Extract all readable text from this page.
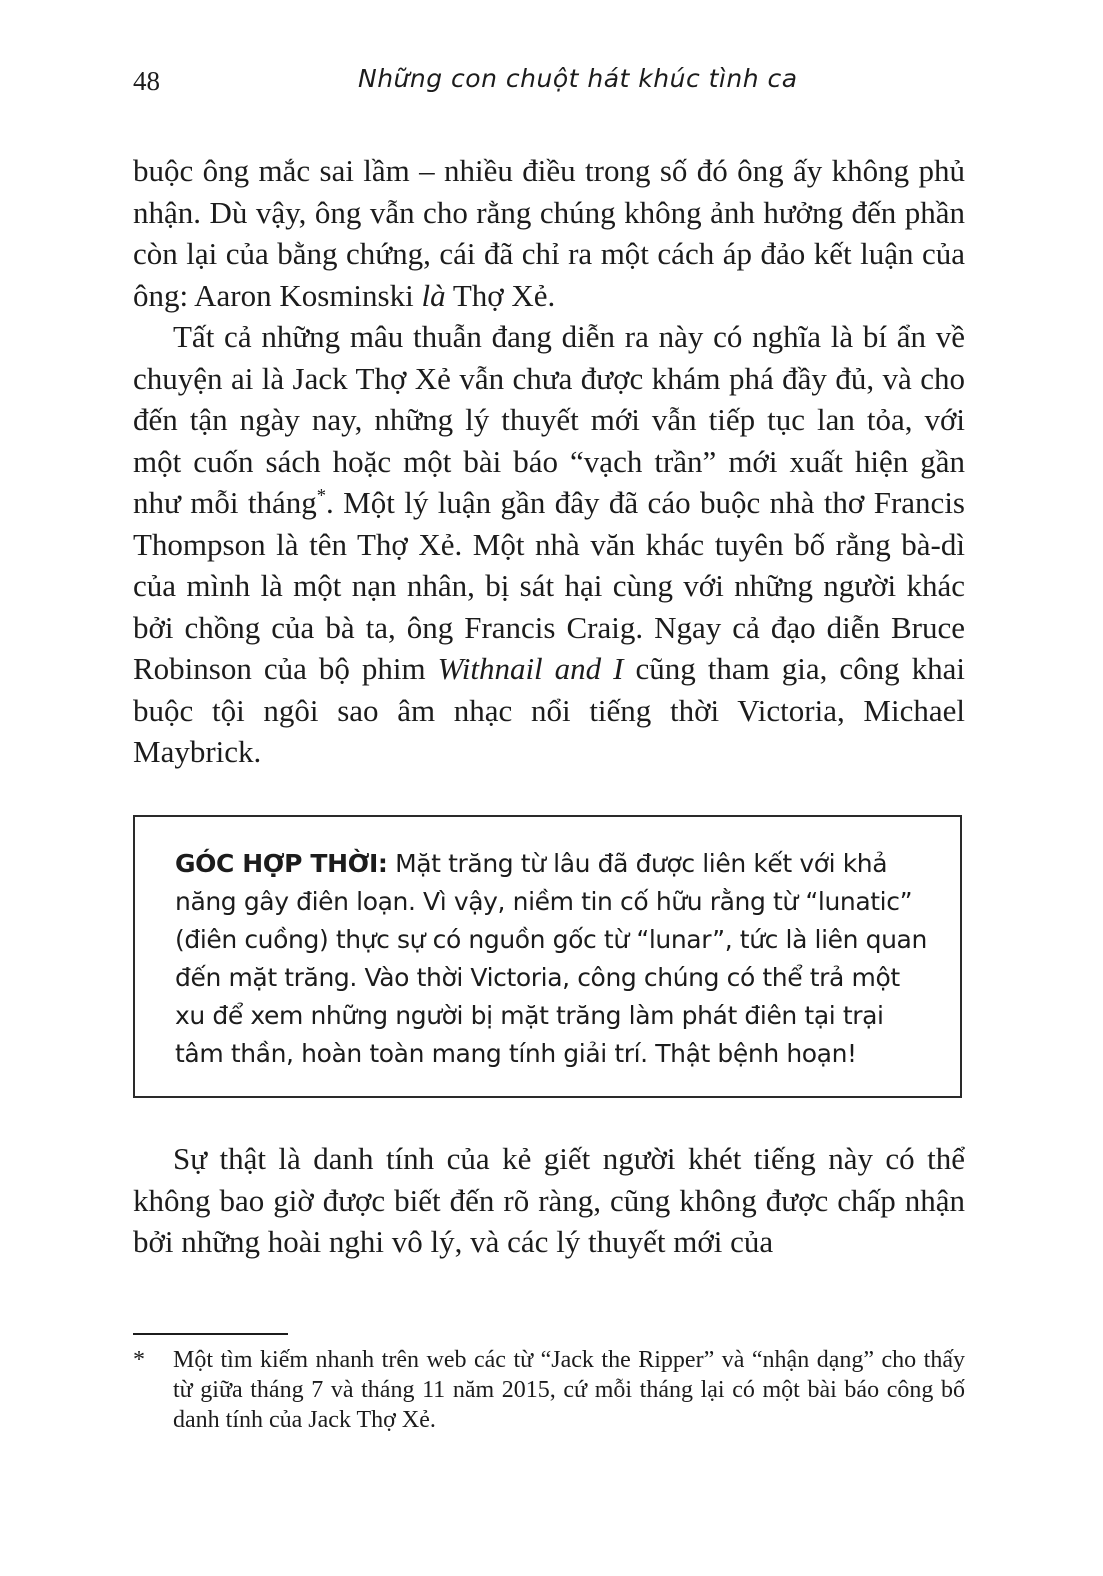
48	Những con chuột hát khúc tình ca

buộc ông mắc sai lầm – nhiều điều trong số đó ông ấy không phủ nhận. Dù vậy, ông vẫn cho rằng chúng không ảnh hưởng đến phần còn lại của bằng chứng, cái đã chỉ ra một cách áp đảo kết luận của ông: Aaron Kosminski là Thợ Xẻ.

Tất cả những mâu thuẫn đang diễn ra này có nghĩa là bí ẩn về chuyện ai là Jack Thợ Xẻ vẫn chưa được khám phá đầy đủ, và cho đến tận ngày nay, những lý thuyết mới vẫn tiếp tục lan tỏa, với một cuốn sách hoặc một bài báo “vạch trần” mới xuất hiện gần như mỗi tháng*. Một lý luận gần đây đã cáo buộc nhà thơ Francis Thompson là tên Thợ Xẻ. Một nhà văn khác tuyên bố rằng bà-dì của mình là một nạn nhân, bị sát hại cùng với những người khác bởi chồng của bà ta, ông Francis Craig. Ngay cả đạo diễn Bruce Robinson của bộ phim Withnail and I cũng tham gia, công khai buộc tội ngôi sao âm nhạc nổi tiếng thời Victoria, Michael Maybrick.

GÓC HỢP THỜI: Mặt trăng từ lâu đã được liên kết với khả năng gây điên loạn. Vì vậy, niềm tin cố hữu rằng từ “lunatic” (điên cuồng) thực sự có nguồn gốc từ “lunar”, tức là liên quan đến mặt trăng. Vào thời Victoria, công chúng có thể trả một xu để xem những người bị mặt trăng làm phát điên tại trại tâm thần, hoàn toàn mang tính giải trí. Thật bệnh hoạn!

Sự thật là danh tính của kẻ giết người khét tiếng này có thể không bao giờ được biết đến rõ ràng, cũng không được chấp nhận bởi những hoài nghi vô lý, và các lý thuyết mới của

* Một tìm kiếm nhanh trên web các từ “Jack the Ripper” và “nhận dạng” cho thấy từ giữa tháng 7 và tháng 11 năm 2015, cứ mỗi tháng lại có một bài báo công bố danh tính của Jack Thợ Xẻ.
